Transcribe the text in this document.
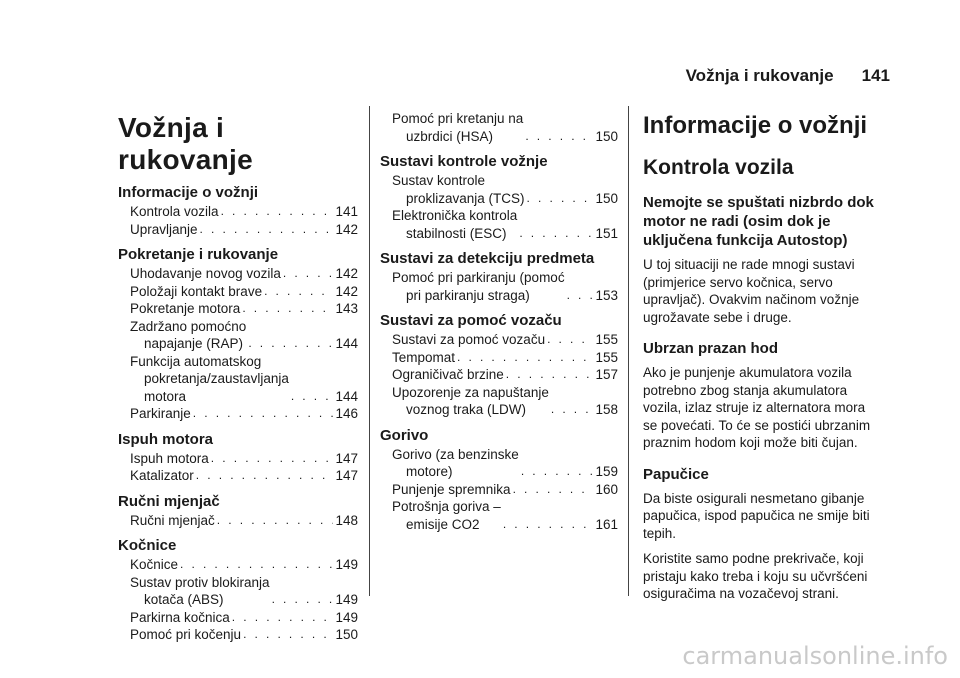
Vožnja i rukovanje 141
Vožnja i rukovanje
Informacije o vožnji
Kontrola vozila . . .	141
Upravljanje . . .	142
Pokretanje i rukovanje
Uhodavanje novog vozila . . .	142
Položaji kontakt brave . . .	142
Pokretanje motora . . .	143
Zadržano pomoćno
napajanje (RAP) . . .	144
Funkcija automatskog
pokretanja/zaustavljanja
motora . . .	144
Parkiranje . . .	146
Ispuh motora
Ispuh motora . . .	147
Katalizator . . .	147
Ručni mjenjač
Ručni mjenjač . . .	148
Kočnice
Kočnice . . .	149
Sustav protiv blokiranja
kotača (ABS) . . .	149
Parkirna kočnica . . .	149
Pomoć pri kočenju . . .	150
Pomoć pri kretanju na
uzbrdici (HSA) . . .	150
Sustavi kontrole vožnje
Sustav kontrole
proklizavanja (TCS) . . .	150
Elektronička kontrola
stabilnosti (ESC) . . .	151
Sustavi za detekciju predmeta
Pomoć pri parkiranju (pomoć
pri parkiranju straga) . . .	153
Sustavi za pomoć vozaču
Sustavi za pomoć vozaču . . .	155
Tempomat . . .	155
Ograničivač brzine . . .	157
Upozorenje za napuštanje
voznog traka (LDW) . . .	158
Gorivo
Gorivo (za benzinske
motore) . . .	159
Punjenje spremnika . . .	160
Potrošnja goriva –
emisije CO2 . . .	161
Informacije o vožnji
Kontrola vozila
Nemojte se spuštati nizbrdo dok motor ne radi (osim dok je uključena funkcija Autostop)

U toj situaciji ne rade mnogi sustavi (primjerice servo kočnica, servo upravljač). Ovakvim načinom vožnje ugrožavate sebe i druge.

Ubrzan prazan hod

Ako je punjenje akumulatora vozila potrebno zbog stanja akumulatora vozila, izlaz struje iz alternatora mora se povećati. To će se postići ubrzanim praznim hodom koji može biti čujan.

Papučice

Da biste osigurali nesmetano gibanje papučica, ispod papučica ne smije biti tepih.

Koristite samo podne prekrivače, koji pristaju kako treba i koju su učvršćeni osiguračima na vozačevoj strani.

carmanualsonline.info
